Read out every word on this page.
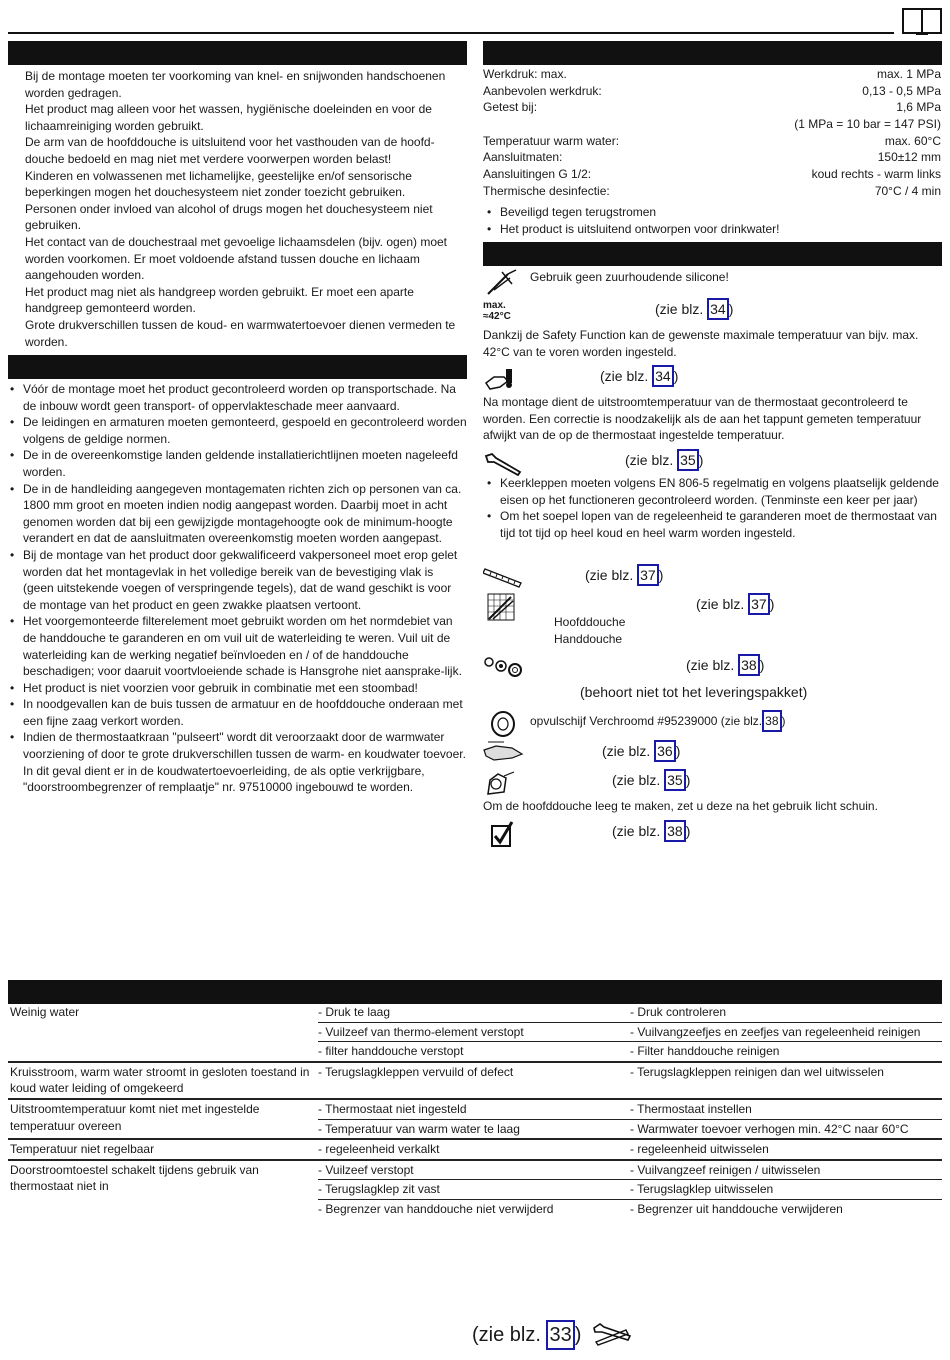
Bij de montage moeten ter voorkoming van knel- en snijwonden handschoenen worden gedragen.

Het product mag alleen voor het wassen, hygiënische doeleinden en voor de lichaamreiniging worden gebruikt.

De arm van de hoofddouche is uitsluitend voor het vasthouden van de hoofd-douche bedoeld en mag niet met verdere voorwerpen worden belast!

Kinderen en volwassenen met lichamelijke, geestelijke en/of sensorische beperkingen mogen het douchesysteem niet zonder toezicht gebruiken.

Personen onder invloed van alcohol of drugs mogen het douchesysteem niet gebruiken.

Het contact van de douchestraal met gevoelige lichaamsdelen (bijv. ogen) moet worden voorkomen. Er moet voldoende afstand tussen douche en lichaam aangehouden worden.

Het product mag niet als handgreep worden gebruikt. Er moet een aparte handgreep gemonteerd worden.

Grote drukverschillen tussen de koud- en warmwatertoevoer dienen vermeden te worden.

• Vóór de montage moet het product gecontroleerd worden op transportschade. Na de inbouw wordt geen transport- of oppervlakteschade meer aanvaard.
• De leidingen en armaturen moeten gemonteerd, gespoeld en gecontroleerd worden volgens de geldige normen.
• De in de overeenkomstige landen geldende installatierichtlijnen moeten nageleefd worden.
• De in de handleiding aangegeven montagematen richten zich op personen van ca. 1800 mm groot en moeten indien nodig aangepast worden. Daarbij moet in acht genomen worden dat bij een gewijzigde montagehoogte ook de minimum-hoogte verandert en dat de aansluitmaten overeenkomstig moeten worden aangepast.
• Bij de montage van het product door gekwalificeerd vakpersoneel moet erop gelet worden dat het montagevlak in het volledige bereik van de bevestiging vlak is (geen uitstekende voegen of verspringende tegels), dat de wand geschikt is voor de montage van het product en geen zwakke plaatsen vertoont.
• Het voorgemonteerde filterelement moet gebruikt worden om het normdebiet van de handdouche te garanderen en om vuil uit de waterleiding te weren. Vuil uit de waterleiding kan de werking negatief beïnvloeden en / of de handdouche beschadigen; voor daaruit voortvloeiende schade is Hansgrohe niet aansprake-lijk.
• Het product is niet voorzien voor gebruik in combinatie met een stoombad!
• In noodgevallen kan de buis tussen de armatuur en de hoofddouche onderaan met een fijne zaag verkort worden.
• Indien de thermostaatkraan "pulseert" wordt dit veroorzaakt door de warmwater voorziening of door te grote drukverschillen tussen de warm- en koudwater toevoer. In dit geval dient er in de koudwatertoevoerleiding, de als optie verkrijgbare, "doorstroombegrenzer of remplaatje" nr. 97510000 ingebouwd te worden.
Werkdruk: max.	max. 1 MPa
Aanbevolen werkdruk:	0,13 - 0,5 MPa
Getest bij:	1,6 MPa
(1 MPa = 10 bar = 147 PSI)
Temperatuur warm water:	max. 60°C
Aansluitmaten:	150±12 mm
Aansluitingen G 1/2:	koud rechts - warm links
Thermische desinfectie:	70°C / 4 min
• Beveiligd tegen terugstromen
• Het product is uitsluitend ontworpen voor drinkwater!
Gebruik geen zuurhoudende silicone!
max.
≈42°C	(zie blz. 34 )
Dankzij de Safety Function kan de gewenste maximale temperatuur van bijv. max. 42°C van te voren worden ingesteld.
(zie blz. 34 )
Na montage dient de uitstroomtemperatuur van de thermostaat gecontroleerd te worden. Een correctie is noodzakelijk als de aan het tappunt gemeten temperatuur afwijkt van de op de thermostaat ingestelde temperatuur.
(zie blz. 35 )
• Keerkleppen moeten volgens EN 806-5 regelmatig en volgens plaatselijk geldende eisen op het functioneren gecontroleerd worden. (Tenminste een keer per jaar)
• Om het soepel lopen van de regeleenheid te garanderen moet de thermostaat van tijd tot tijd op heel koud en heel warm worden ingesteld.
(zie blz. 37 )
(zie blz. 37 )
Hoofddouche
Handdouche
(zie blz. 38 )
(behoort niet tot het leveringspakket)
opvulschijf Verchroomd #95239000 (zie blz. 38 )
(zie blz. 36 )
(zie blz. 35 )
Om de hoofddouche leeg te maken, zet u deze na het gebruik licht schuin.
(zie blz. 38 )
Weinig water	- Druk te laag	- Druk controleren
	- Vuilzeef van thermo-element verstopt	- Vuilvangzeefjes en zeefjes van regeleenheid reinigen
	- filter handdouche verstopt	- Filter handdouche reinigen
Kruisstroom, warm water stroomt in gesloten toestand in koud water leiding of omgekeerd	- Terugslagkleppen vervuild of defect	- Terugslagkleppen reinigen dan wel uitwisselen
Uitstroomtemperatuur komt niet met ingestelde temperatuur overeen	- Thermostaat niet ingesteld	- Thermostaat instellen
	- Temperatuur van warm water te laag	- Warmwater toevoer verhogen min. 42°C naar 60°C
Temperatuur niet regelbaar	- regeleenheid verkalkt	- regeleenheid uitwisselen
Doorstroomtoestel schakelt tijdens gebruik van thermostaat niet in	- Vuilzeef verstopt	- Vuilvangzeef reinigen / uitwisselen
	- Terugslagklep zit vast	- Terugslagklep uitwisselen
	- Begrenzer van handdouche niet verwijderd	- Begrenzer uit handdouche verwijderen
(zie blz. 33 )
